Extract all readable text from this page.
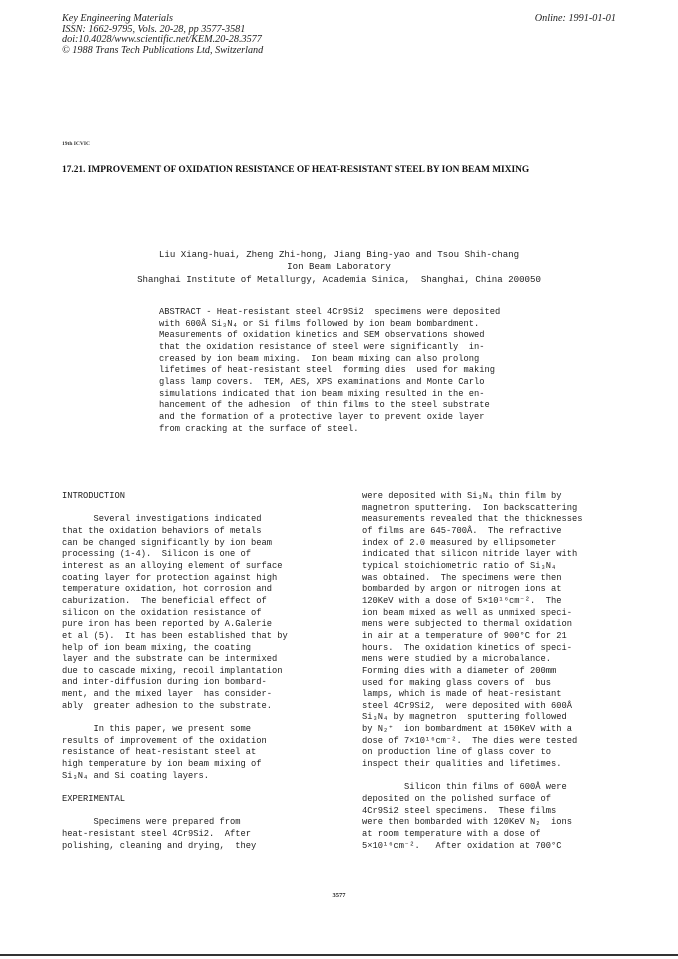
Key Engineering Materials
ISSN: 1662-9795, Vols. 20-28, pp 3577-3581
doi:10.4028/www.scientific.net/KEM.20-28.3577
© 1988 Trans Tech Publications Ltd, Switzerland
Online: 1991-01-01
19th ICVIC
17.21. IMPROVEMENT OF OXIDATION RESISTANCE OF HEAT-RESISTANT STEEL BY ION BEAM MIXING
Liu Xiang-huai, Zheng Zhi-hong, Jiang Bing-yao and Tsou Shih-chang
Ion Beam Laboratory
Shanghai Institute of Metallurgy, Academia Sinica,  Shanghai, China 200050
ABSTRACT - Heat-resistant steel 4Cr9Si2  specimens were deposited
with 600Å Si₃N₄ or Si films followed by ion beam bombardment.
Measurements of oxidation kinetics and SEM observations showed
that the oxidation resistance of steel were significantly  in-
creased by ion beam mixing.  Ion beam mixing can also prolong
lifetimes of heat-resistant steel  forming dies  used for making
glass lamp covers.  TEM, AES, XPS examinations and Monte Carlo
simulations indicated that ion beam mixing resulted in the en-
hancement of the adhesion  of thin films to the steel substrate
and the formation of a protective layer to prevent oxide layer
from cracking at the surface of steel.
INTRODUCTION
Several investigations indicated
that the oxidation behaviors of metals
can be changed significantly by ion beam
processing (1-4).  Silicon is one of
interest as an alloying element of surface
coating layer for protection against high
temperature oxidation, hot corrosion and
caburization.  The beneficial effect of
silicon on the oxidation resistance of
pure iron has been reported by A.Galerie
et al (5).  It has been established that by
help of ion beam mixing, the coating
layer and the substrate can be intermixed
due to cascade mixing, recoil implantation
and inter-diffusion during ion bombard-
ment, and the mixed layer  has consider-
ably  greater adhesion to the substrate.
In this paper, we present some
results of improvement of the oxidation
resistance of heat-resistant steel at
high temperature by ion beam mixing of
Si₃N₄ and Si coating layers.
EXPERIMENTAL
Specimens were prepared from
heat-resistant steel 4Cr9Si2.  After
polishing, cleaning and drying,  they
were deposited with Si₃N₄ thin film by
magnetron sputtering.  Ion backscattering
measurements revealed that the thicknesses
of films are 645-700Å.  The refractive
index of 2.0 measured by ellipsometer
indicated that silicon nitride layer with
typical stoichiometric ratio of Si₃N₄
was obtained.  The specimens were then
bombarded by argon or nitrogen ions at
120KeV with a dose of 5×10¹⁶cm⁻².  The
ion beam mixed as well as unmixed speci-
mens were subjected to thermal oxidation
in air at a temperature of 900°C for 21
hours.  The oxidation kinetics of speci-
mens were studied by a microbalance.
Forming dies with a diameter of 200mm
used for making glass covers of  bus
lamps, which is made of heat-resistant
steel 4Cr9Si2,  were deposited with 600Å
Si₃N₄ by magnetron  sputtering followed
by N₂⁺  ion bombardment at 150KeV with a
dose of 7×10¹⁶cm⁻².  The dies were tested
on production line of glass cover to
inspect their qualities and lifetimes.
Silicon thin films of 600Å were
deposited on the polished surface of
4Cr9Si2 steel specimens.  These films
were then bombarded with 120KeV N₂  ions
at room temperature with a dose of
5×10¹⁶cm⁻².   After oxidation at 700°C
3577
